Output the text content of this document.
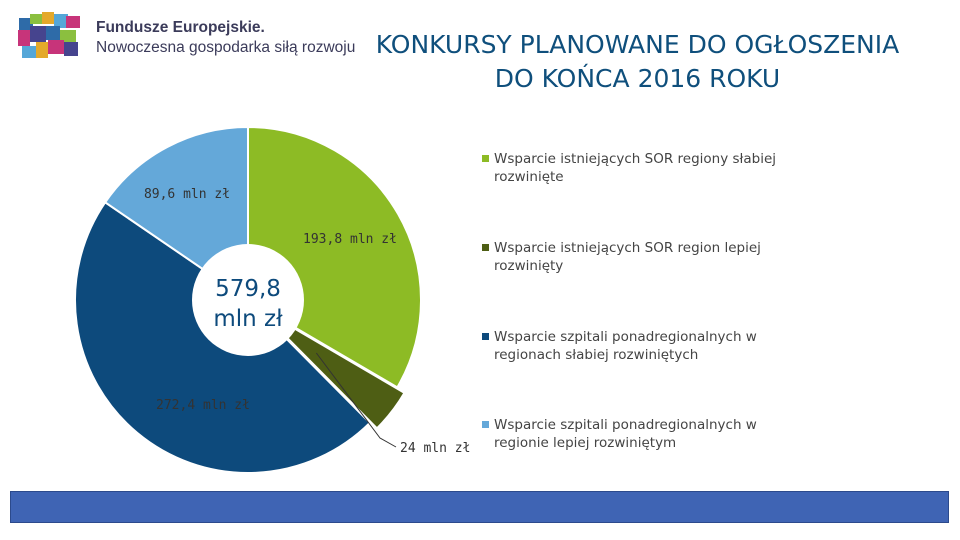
Fundusze Europejskie.
Nowoczesna gospodarka siłą rozwoju KONKURSY PLANOWANE DO OGŁOSZENIA
DO KOŃCA 2016 ROKU
579,8
mln zł
193,8 mln zł
24 mln zł
272,4 mln zł
89,6 mln zł
Wsparcie istniejących SOR regiony słabiej rozwinięte
Wsparcie istniejących SOR region lepiej rozwinięty
Wsparcie szpitali ponadregionalnych w regionach słabiej rozwiniętych
Wsparcie szpitali ponadregionalnych w regionie lepiej rozwiniętym
